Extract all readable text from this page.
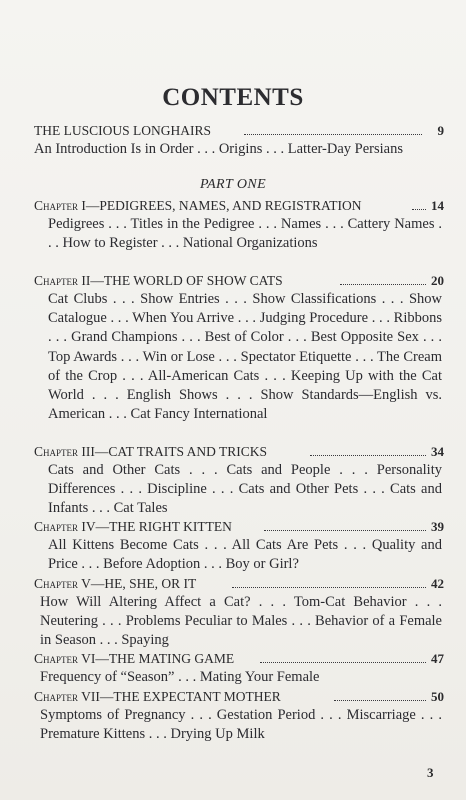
CONTENTS
THE LUSCIOUS LONGHAIRS	9
An Introduction Is in Order . . . Origins . . . Latter-Day Persians
PART ONE
Chapter I—PEDIGREES, NAMES, AND REGISTRATION	14
Pedigrees . . . Titles in the Pedigree . . . Names . . . Cattery Names . . . How to Register . . . National Organizations
Chapter II—THE WORLD OF SHOW CATS	20
Cat Clubs . . . Show Entries . . . Show Classifications . . . Show Catalogue . . . When You Arrive . . . Judging Procedure . . . Ribbons . . . Grand Champions . . . Best of Color . . . Best Opposite Sex . . . Top Awards . . . Win or Lose . . . Spectator Etiquette . . . The Cream of the Crop . . . All-American Cats . . . Keeping Up with the Cat World . . . English Shows . . . Show Standards—English vs. American . . . Cat Fancy International
Chapter III—CAT TRAITS AND TRICKS	34
Cats and Other Cats . . . Cats and People . . . Personality Differences . . . Discipline . . . Cats and Other Pets . . . Cats and Infants . . . Cat Tales
Chapter IV—THE RIGHT KITTEN	39
All Kittens Become Cats . . . All Cats Are Pets . . . Quality and Price . . . Before Adoption . . . Boy or Girl?
Chapter V—HE, SHE, OR IT	42
How Will Altering Affect a Cat? . . . Tom-Cat Behavior . . . Neutering . . . Problems Peculiar to Males . . . Behavior of a Female in Season . . . Spaying
Chapter VI—THE MATING GAME	47
Frequency of “Season” . . . Mating Your Female
Chapter VII—THE EXPECTANT MOTHER	50
Symptoms of Pregnancy . . . Gestation Period . . . Miscarriage . . . Premature Kittens . . . Drying Up Milk
3
